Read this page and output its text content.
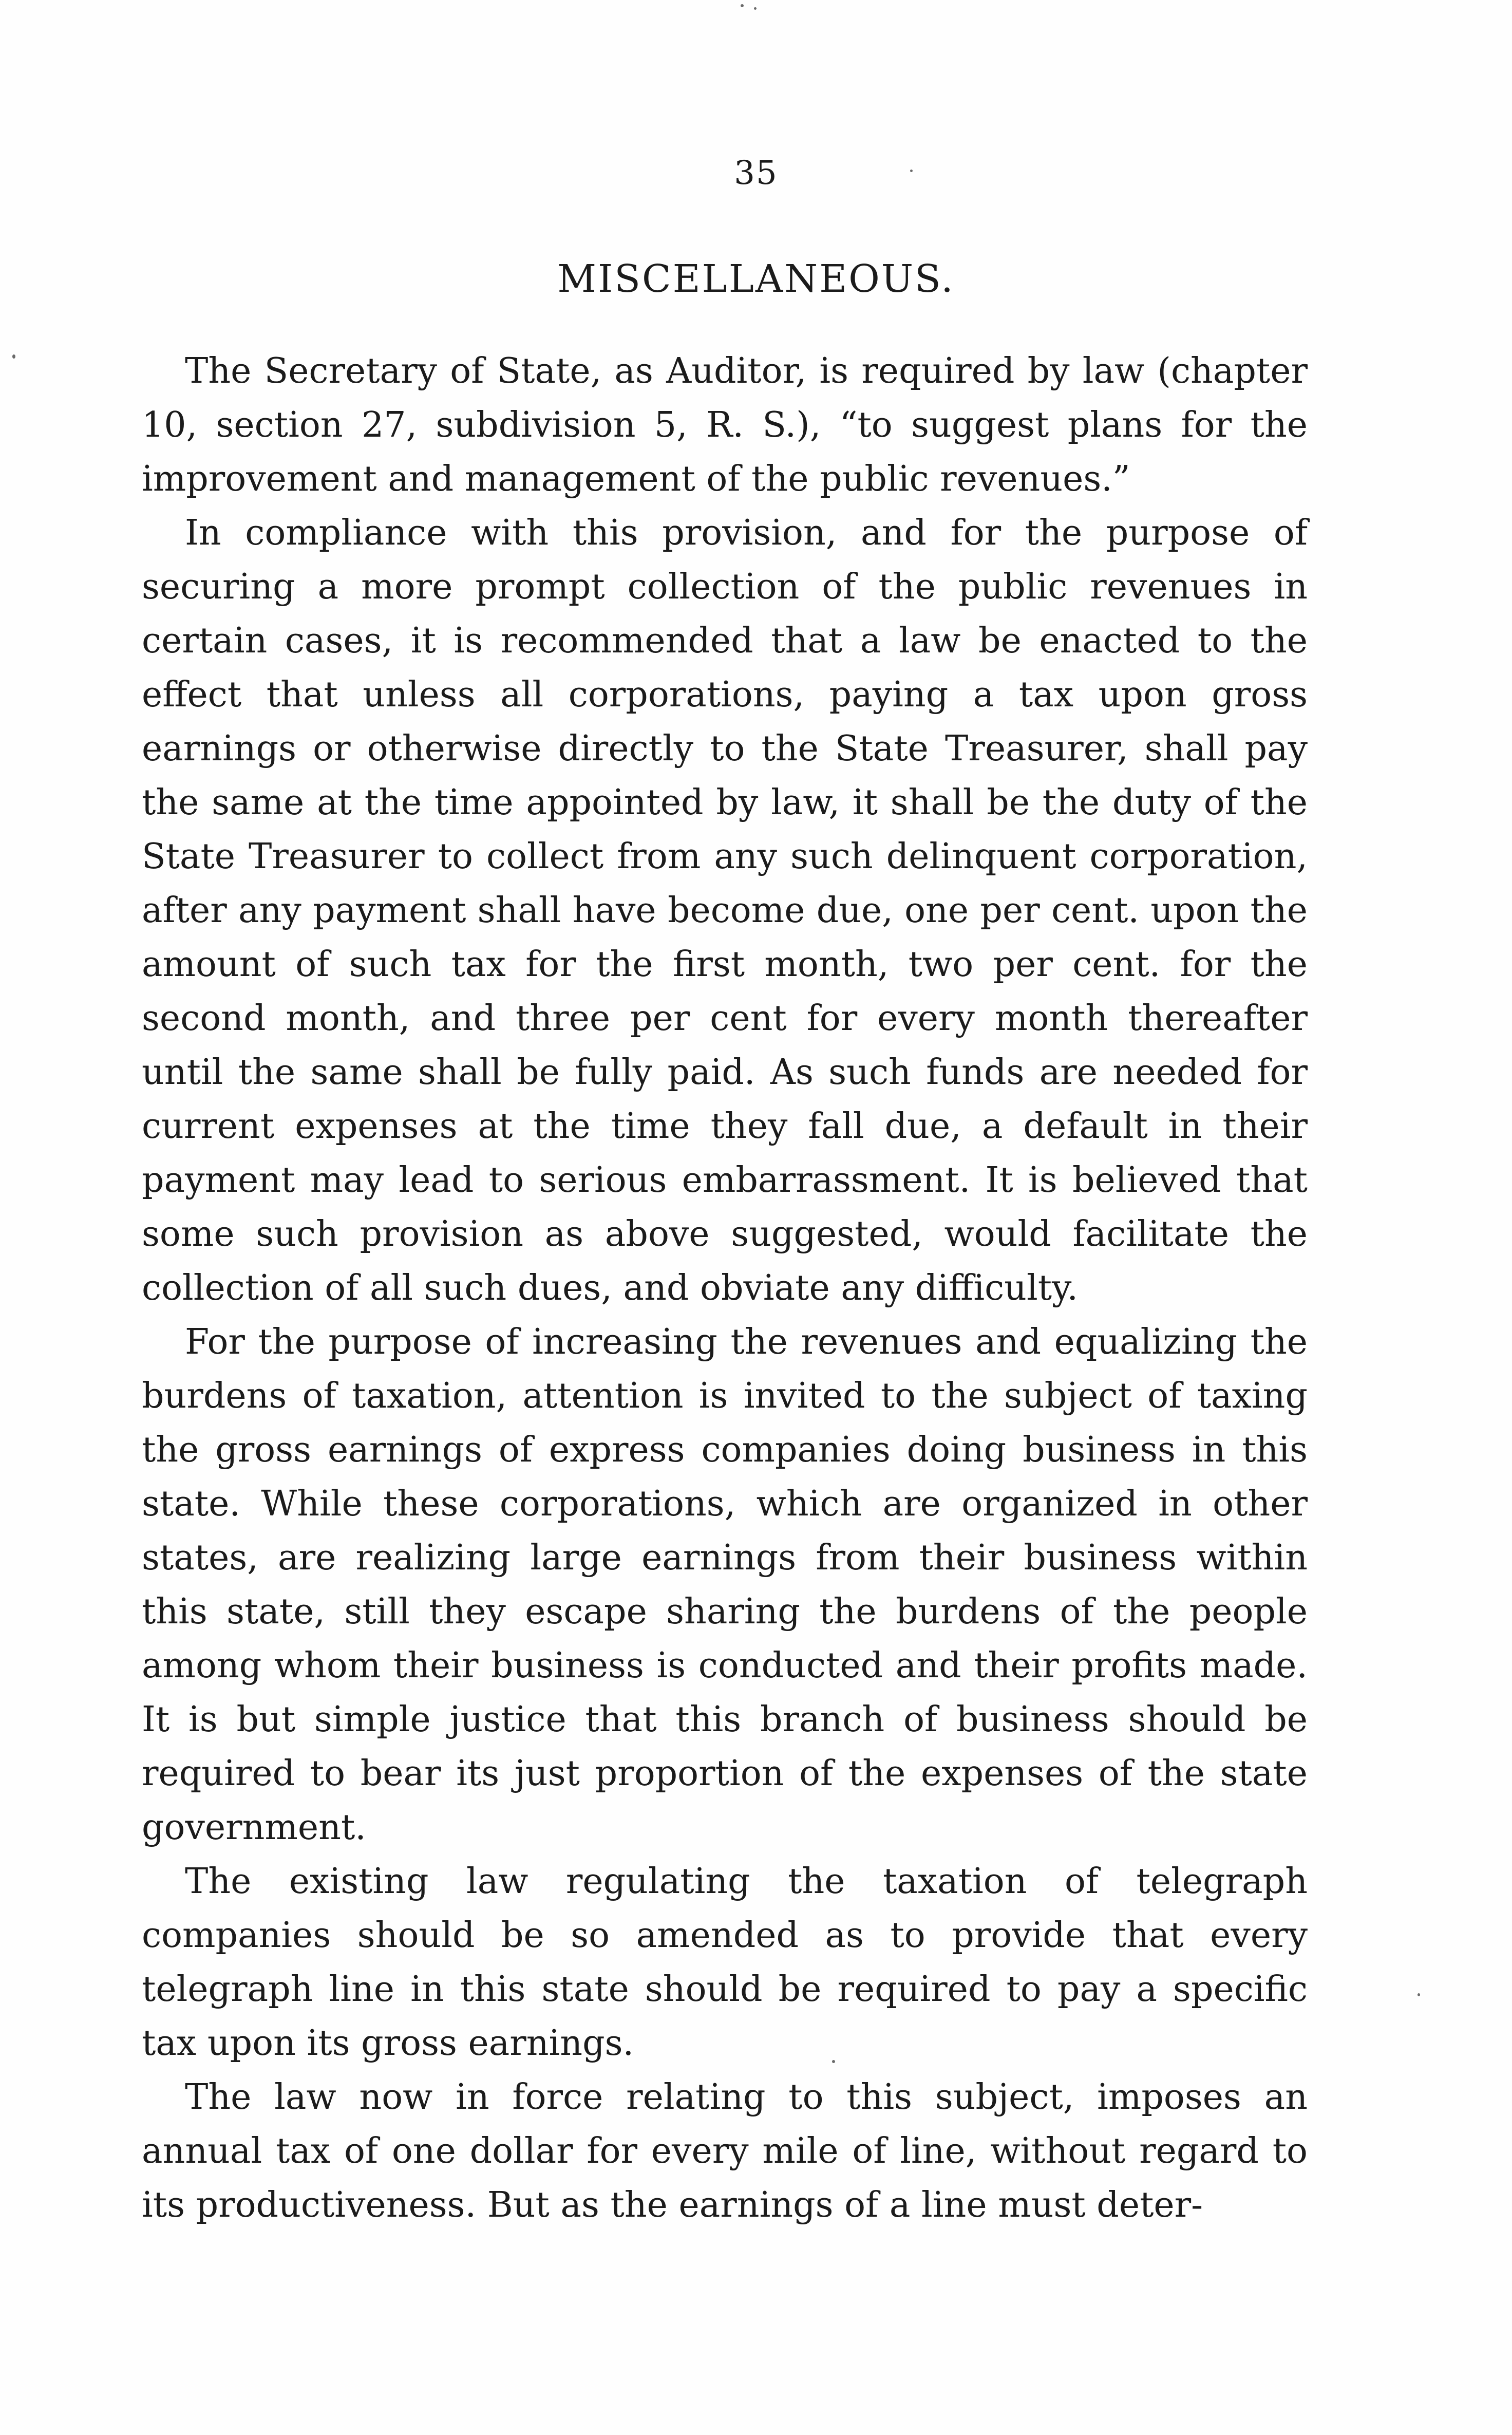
35
MISCELLANEOUS.

The Secretary of State, as Auditor, is required by law (chapter 10, section 27, subdivision 5, R. S.), “to suggest plans for the improvement and management of the public revenues.”

In compliance with this provision, and for the purpose of securing a more prompt collection of the public revenues in certain cases, it is recommended that a law be enacted to the effect that unless all corporations, paying a tax upon gross earnings or otherwise directly to the State Treasurer, shall pay the same at the time appointed by law, it shall be the duty of the State Treasurer to collect from any such delinquent corporation, after any payment shall have become due, one per cent. upon the amount of such tax for the first month, two per cent. for the second month, and three per cent for every month thereafter until the same shall be fully paid. As such funds are needed for current expenses at the time they fall due, a default in their payment may lead to serious embarrassment. It is believed that some such provision as above suggested, would facilitate the collection of all such dues, and obviate any difficulty.

For the purpose of increasing the revenues and equalizing the burdens of taxation, attention is invited to the subject of taxing the gross earnings of express companies doing business in this state. While these corporations, which are organized in other states, are realizing large earnings from their business within this state, still they escape sharing the burdens of the people among whom their business is conducted and their profits made. It is but simple justice that this branch of business should be required to bear its just proportion of the expenses of the state government.

The existing law regulating the taxation of telegraph companies should be so amended as to provide that every telegraph line in this state should be required to pay a specific tax upon its gross earnings.

The law now in force relating to this subject, imposes an annual tax of one dollar for every mile of line, without regard to its productiveness. But as the earnings of a line must deter-
